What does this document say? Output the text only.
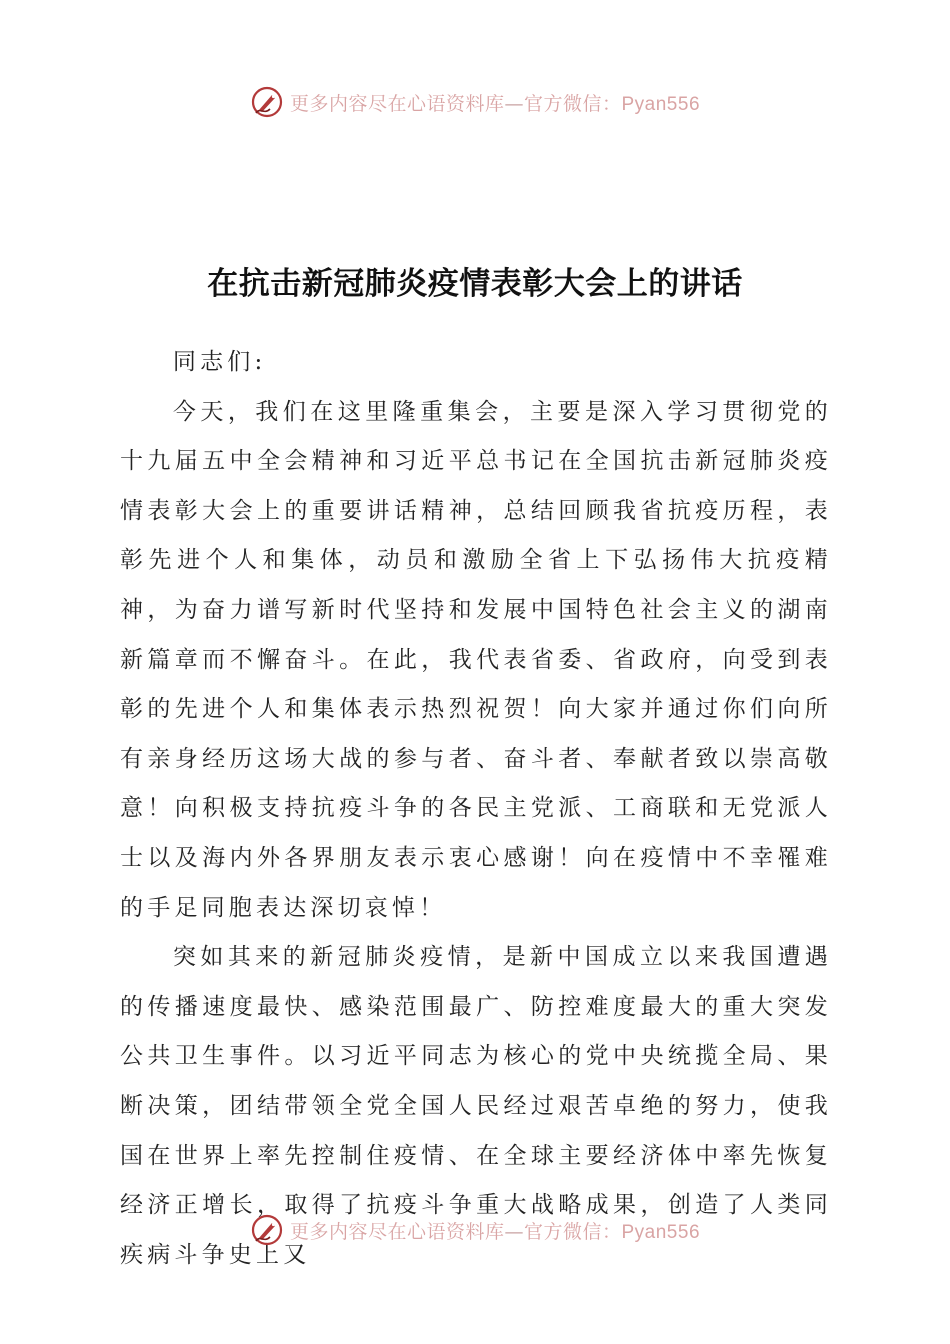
更多内容尽在心语资料库—官方微信：Pyan556
在抗击新冠肺炎疫情表彰大会上的讲话

同志们:

今天，我们在这里隆重集会，主要是深入学习贯彻党的十九届五中全会精神和习近平总书记在全国抗击新冠肺炎疫情表彰大会上的重要讲话精神，总结回顾我省抗疫历程，表彰先进个人和集体，动员和激励全省上下弘扬伟大抗疫精神，为奋力谱写新时代坚持和发展中国特色社会主义的湖南新篇章而不懈奋斗。在此，我代表省委、省政府，向受到表彰的先进个人和集体表示热烈祝贺！向大家并通过你们向所有亲身经历这场大战的参与者、奋斗者、奉献者致以崇高敬意！向积极支持抗疫斗争的各民主党派、工商联和无党派人士以及海内外各界朋友表示衷心感谢！向在疫情中不幸罹难的手足同胞表达深切哀悼！

突如其来的新冠肺炎疫情，是新中国成立以来我国遭遇的传播速度最快、感染范围最广、防控难度最大的重大突发公共卫生事件。以习近平同志为核心的党中央统揽全局、果断决策，团结带领全党全国人民经过艰苦卓绝的努力，使我国在世界上率先控制住疫情、在全球主要经济体中率先恢复经济正增长，取得了抗疫斗争重大战略成果，创造了人类同疾病斗争史上又

更多内容尽在心语资料库—官方微信：Pyan556
